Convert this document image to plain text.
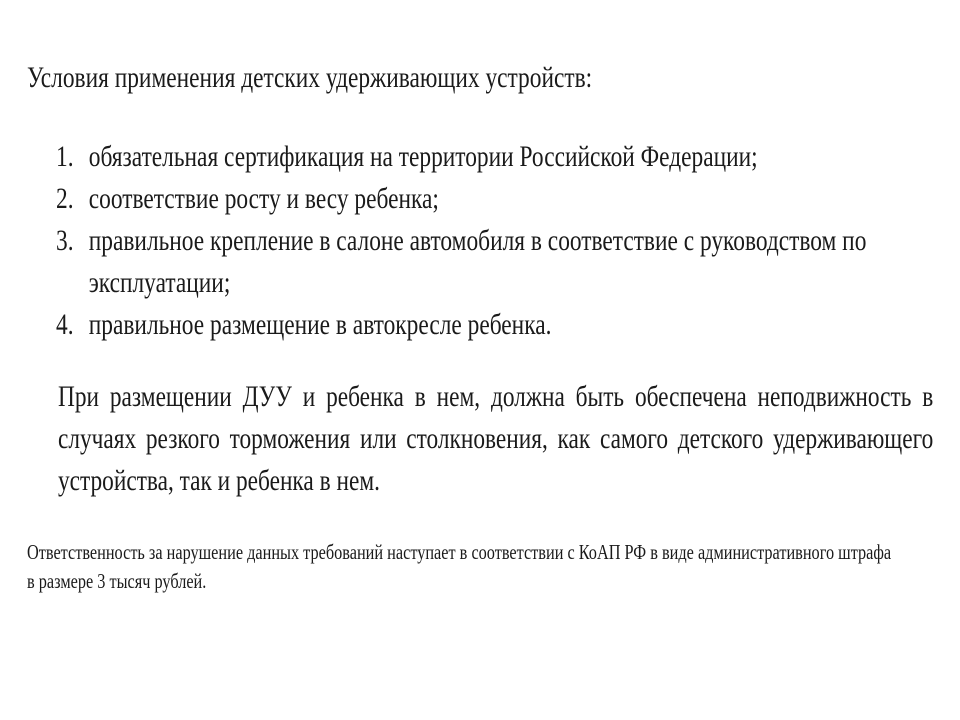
Условия применения детских удерживающих устройств:
1. обязательная сертификация на территории Российской Федерации;
2. соответствие росту и весу ребенка;
3. правильное крепление в салоне автомобиля в соответствие с руководством по эксплуатации;
4. правильное размещение в автокресле ребенка.

При размещении ДУУ и ребенка в нем, должна быть обеспечена неподвижность в случаях резкого торможения или столкновения, как самого детского удерживающего устройства, так и ребенка в нем.

Ответственность за нарушение данных требований наступает в соответствии с КоАП РФ в виде административного штрафа в размере 3 тысяч рублей.
